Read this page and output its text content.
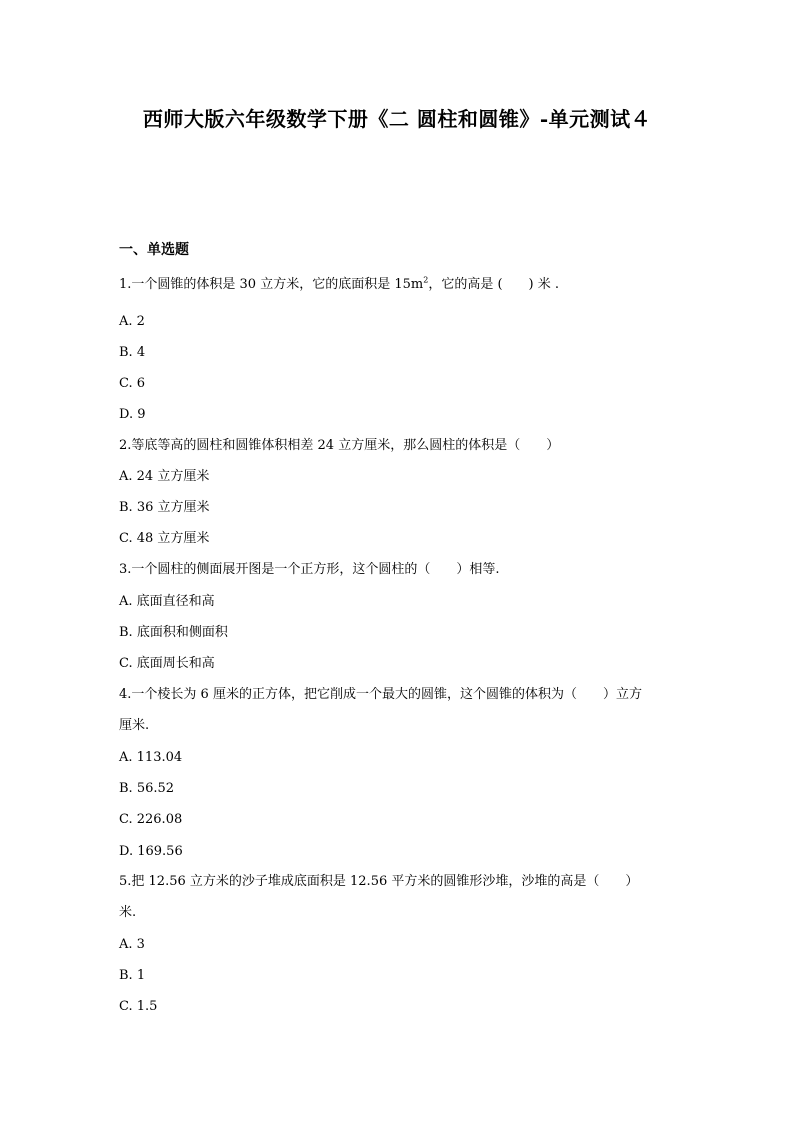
西师大版六年级数学下册《二 圆柱和圆锥》-单元测试４
一、单选题
1.一个圆锥的体积是 30 立方米，它的底面积是 $15m^2$，它的高是 (　　) 米 .
A. 2
B. 4
C. 6
D. 9
2.等底等高的圆柱和圆锥体积相差 24 立方厘米，那么圆柱的体积是（　　）
A. 24 立方厘米
B. 36 立方厘米
C. 48 立方厘米
3.一个圆柱的侧面展开图是一个正方形，这个圆柱的（　　）相等.
A. 底面直径和高
B. 底面积和侧面积
C. 底面周长和高
4.一个棱长为 6 厘米的正方体，把它削成一个最大的圆锥，这个圆锥的体积为（　　）立方
厘米.
A. 113.04
B. 56.52
C. 226.08
D. 169.56
5.把 12.56 立方米的沙子堆成底面积是 12.56 平方米的圆锥形沙堆，沙堆的高是（　　）
米.
A. 3
B. 1
C. 1.5
